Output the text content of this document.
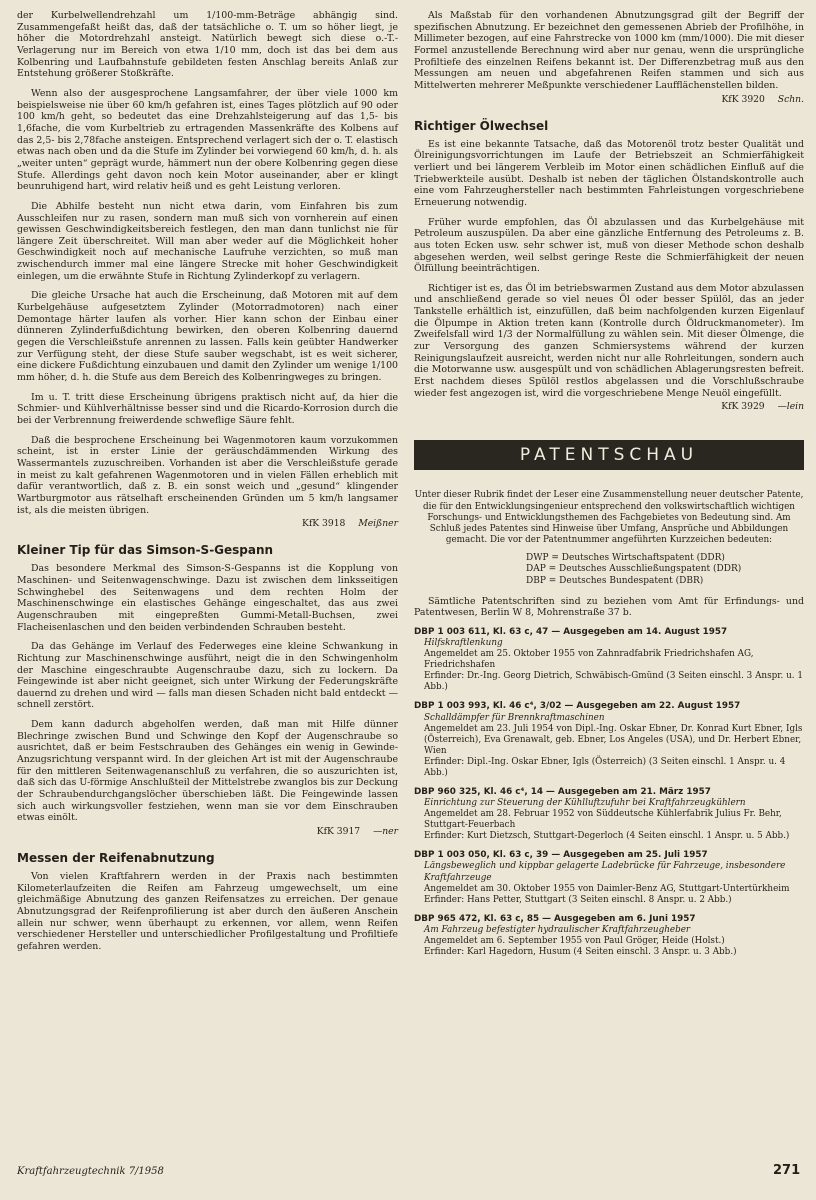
der Kurbelwellendrehzahl um 1/100-mm-Beträge abhängig sind. Zusammengefaßt heißt das, daß der tatsächliche o. T. um so höher liegt, je höher die Motordrehzahl ansteigt. Natürlich bewegt sich diese o.-T.-Verlagerung nur im Bereich von etwa 1/10 mm, doch ist das bei dem aus Kolbenring und Laufbahnstufe gebildeten festen Anschlag bereits Anlaß zur Entstehung größerer Stoßkräfte.

Wenn also der ausgesprochene Langsamfahrer, der über viele 1000 km beispielsweise nie über 60 km/h gefahren ist, eines Tages plötzlich auf 90 oder 100 km/h geht, so bedeutet das eine Drehzahlsteigerung auf das 1,5- bis 1,6fache, die vom Kurbeltrieb zu ertragenden Massenkräfte des Kolbens auf das 2,5- bis 2,78fache ansteigen. Entsprechend verlagert sich der o. T. elastisch etwas nach oben und da die Stufe im Zylinder bei vorwiegend 60 km/h, d. h. als „weiter unten“ geprägt wurde, hämmert nun der obere Kolbenring gegen diese Stufe. Allerdings geht davon noch kein Motor auseinander, aber er klingt beunruhigend hart, wird relativ heiß und es geht Leistung verloren.

Die Abhilfe besteht nun nicht etwa darin, vom Einfahren bis zum Ausschleifen nur zu rasen, sondern man muß sich von vornherein auf einen gewissen Geschwindigkeitsbereich festlegen, den man dann tunlichst nie für längere Zeit überschreitet. Will man aber weder auf die Möglichkeit hoher Geschwindigkeit noch auf mechanische Laufruhe verzichten, so muß man zwischendurch immer mal eine längere Strecke mit hoher Geschwindigkeit einlegen, um die erwähnte Stufe in Richtung Zylinderkopf zu verlagern.

Die gleiche Ursache hat auch die Erscheinung, daß Motoren mit auf dem Kurbelgehäuse aufgesetztem Zylinder (Motorradmotoren) nach einer Demontage härter laufen als vorher. Hier kann schon der Einbau einer dünneren Zylinderfußdichtung bewirken, den oberen Kolbenring dauernd gegen die Verschleißstufe anrennen zu lassen. Falls kein geübter Handwerker zur Verfügung steht, der diese Stufe sauber wegschabt, ist es weit sicherer, eine dickere Fußdichtung einzubauen und damit den Zylinder um wenige 1/100 mm höher, d. h. die Stufe aus dem Bereich des Kolbenringweges zu bringen.

Im u. T. tritt diese Erscheinung übrigens praktisch nicht auf, da hier die Schmier- und Kühlverhältnisse besser sind und die Ricardo-Korrosion durch die bei der Verbrennung freiwerdende schweflige Säure fehlt.

Daß die besprochene Erscheinung bei Wagenmotoren kaum vorzukommen scheint, ist in erster Linie der geräuschdämmenden Wirkung des Wassermantels zuzuschreiben. Vorhanden ist aber die Verschleißstufe gerade in meist zu kalt gefahrenen Wagenmotoren und in vielen Fällen erheblich mit dafür verantwortlich, daß z. B. ein sonst weich und „gesund“ klingender Wartburgmotor aus rätselhaft erscheinenden Gründen um 5 km/h langsamer ist, als die meisten übrigen.

KfK 3918 Meißner
Kleiner Tip für das Simson-S-Gespann

Das besondere Merkmal des Simson-S-Gespanns ist die Kopplung von Maschinen- und Seitenwagenschwinge. Dazu ist zwischen dem linksseitigen Schwinghebel des Seitenwagens und dem rechten Holm der Maschinenschwinge ein elastisches Gehänge eingeschaltet, das aus zwei Augenschrauben mit eingepreßten Gummi-Metall-Buchsen, zwei Flacheisenlaschen und den beiden verbindenden Schrauben besteht.

Da das Gehänge im Verlauf des Federweges eine kleine Schwankung in Richtung zur Maschinenschwinge ausführt, neigt die in den Schwingenholm der Maschine eingeschraubte Augenschraube dazu, sich zu lockern. Da Feingewinde ist aber nicht geeignet, sich unter Wirkung der Federungskräfte dauernd zu drehen und wird — falls man diesen Schaden nicht bald entdeckt — schnell zerstört.

Dem kann dadurch abgeholfen werden, daß man mit Hilfe dünner Blechringe zwischen Bund und Schwinge den Kopf der Augenschraube so ausrichtet, daß er beim Festschrauben des Gehänges ein wenig in Gewinde-Anzugsrichtung verspannt wird. In der gleichen Art ist mit der Augenschraube für den mittleren Seitenwagenanschluß zu verfahren, die so auszurichten ist, daß sich das U-förmige Anschlußteil der Mittelstrebe zwanglos bis zur Deckung der Schraubendurchgangslöcher überschieben läßt. Die Feingewinde lassen sich auch wirkungsvoller festziehen, wenn man sie vor dem Einschrauben etwas einölt.

KfK 3917 —ner
Messen der Reifenabnutzung

Von vielen Kraftfahrern werden in der Praxis nach bestimmten Kilometerlaufzeiten die Reifen am Fahrzeug umgewechselt, um eine gleichmäßige Abnutzung des ganzen Reifensatzes zu erreichen. Der genaue Abnutzungsgrad der Reifenprofilierung ist aber durch den äußeren Anschein allein nur schwer, wenn überhaupt zu erkennen, vor allem, wenn Reifen verschiedener Hersteller und unterschiedlicher Profilgestaltung und Profiltiefe gefahren werden.

Als Maßstab für den vorhandenen Abnutzungsgrad gilt der Begriff der spezifischen Abnutzung. Er bezeichnet den gemessenen Abrieb der Profilhöhe, in Millimeter bezogen, auf eine Fahrstrecke von 1000 km (mm/1000). Die mit dieser Formel anzustellende Berechnung wird aber nur genau, wenn die ursprüngliche Profiltiefe des einzelnen Reifens bekannt ist. Der Differenzbetrag muß aus den Messungen am neuen und abgefahrenen Reifen stammen und sich aus Mittelwerten mehrerer Meßpunkte verschiedener Laufflächenstellen bilden.

KfK 3920 Schn.
Richtiger Ölwechsel

Es ist eine bekannte Tatsache, daß das Motorenöl trotz bester Qualität und Ölreinigungsvorrichtungen im Laufe der Betriebszeit an Schmierfähigkeit verliert und bei längerem Verbleib im Motor einen schädlichen Einfluß auf die Triebwerkteile ausübt. Deshalb ist neben der täglichen Ölstandskontrolle auch eine vom Fahrzeughersteller nach bestimmten Fahrleistungen vorgeschriebene Erneuerung notwendig.

Früher wurde empfohlen, das Öl abzulassen und das Kurbelgehäuse mit Petroleum auszuspülen. Da aber eine gänzliche Entfernung des Petroleums z. B. aus toten Ecken usw. sehr schwer ist, muß von dieser Methode schon deshalb abgesehen werden, weil selbst geringe Reste die Schmierfähigkeit der neuen Ölfüllung beeinträchtigen.

Richtiger ist es, das Öl im betriebswarmen Zustand aus dem Motor abzulassen und anschließend gerade so viel neues Öl oder besser Spülöl, das an jeder Tankstelle erhältlich ist, einzufüllen, daß beim nachfolgenden kurzen Eigenlauf die Ölpumpe in Aktion treten kann (Kontrolle durch Öldruckmanometer). Im Zweifelsfall wird 1/3 der Normalfüllung zu wählen sein. Mit dieser Ölmenge, die zur Versorgung des ganzen Schmiersystems während der kurzen Reinigungslaufzeit ausreicht, werden nicht nur alle Rohrleitungen, sondern auch die Motorwanne usw. ausgespült und von schädlichen Ablagerungsresten befreit. Erst nachdem dieses Spülöl restlos abgelassen und die Vorschlußschraube wieder fest angezogen ist, wird die vorgeschriebene Menge Neuöl eingefüllt.

KfK 3929 —lein
PATENTSCHAU
Unter dieser Rubrik findet der Leser eine Zusammenstellung neuer deutscher Patente, die für den Entwicklungsingenieur entsprechend den volkswirtschaftlich wichtigen Forschungs- und Entwicklungsthemen des Fachgebietes von Bedeutung sind. Am Schluß jedes Patentes sind Hinweise über Umfang, Ansprüche und Abbildungen gemacht. Die vor der Patentnummer angeführten Kurzzeichen bedeuten:
DWP = Deutsches Wirtschaftspatent (DDR)
DAP = Deutsches Ausschließungspatent (DDR)
DBP = Deutsches Bundespatent (DBR)

Sämtliche Patentschriften sind zu beziehen vom Amt für Erfindungs- und Patentwesen, Berlin W 8, Mohrenstraße 37 b.

DBP 1 003 611, Kl. 63 c, 47 — Ausgegeben am 14. August 1957
Hilfskraftlenkung
Angemeldet am 25. Oktober 1955 von Zahnradfabrik Friedrichshafen AG, Friedrichshafen
Erfinder: Dr.-Ing. Georg Dietrich, Schwäbisch-Gmünd (3 Seiten einschl. 3 Anspr. u. 1 Abb.)
DBP 1 003 993, Kl. 46 c⁴, 3/02 — Ausgegeben am 22. August 1957
Schalldämpfer für Brennkraftmaschinen
Angemeldet am 23. Juli 1954 von Dipl.-Ing. Oskar Ebner, Dr. Konrad Kurt Ebner, Igls (Österreich), Eva Grenawalt, geb. Ebner, Los Angeles (USA), und Dr. Herbert Ebner, Wien
Erfinder: Dipl.-Ing. Oskar Ebner, Igls (Österreich) (3 Seiten einschl. 1 Anspr. u. 4 Abb.)
DBP 960 325, Kl. 46 c⁴, 14 — Ausgegeben am 21. März 1957
Einrichtung zur Steuerung der Kühlluftzufuhr bei Kraftfahrzeugkühlern
Angemeldet am 28. Februar 1952 von Süddeutsche Kühlerfabrik Julius Fr. Behr, Stuttgart-Feuerbach
Erfinder: Kurt Dietzsch, Stuttgart-Degerloch (4 Seiten einschl. 1 Anspr. u. 5 Abb.)
DBP 1 003 050, Kl. 63 c, 39 — Ausgegeben am 25. Juli 1957
Längsbeweglich und kippbar gelagerte Ladebrücke für Fahrzeuge, insbesondere Kraftfahrzeuge
Angemeldet am 30. Oktober 1955 von Daimler-Benz AG, Stuttgart-Untertürkheim
Erfinder: Hans Petter, Stuttgart (3 Seiten einschl. 8 Anspr. u. 2 Abb.)
DBP 965 472, Kl. 63 c, 85 — Ausgegeben am 6. Juni 1957
Am Fahrzeug befestigter hydraulischer Kraftfahrzeugheber
Angemeldet am 6. September 1955 von Paul Gröger, Heide (Holst.)
Erfinder: Karl Hagedorn, Husum (4 Seiten einschl. 3 Anspr. u. 3 Abb.)
Kraftfahrzeugtechnik 7/1958	271
